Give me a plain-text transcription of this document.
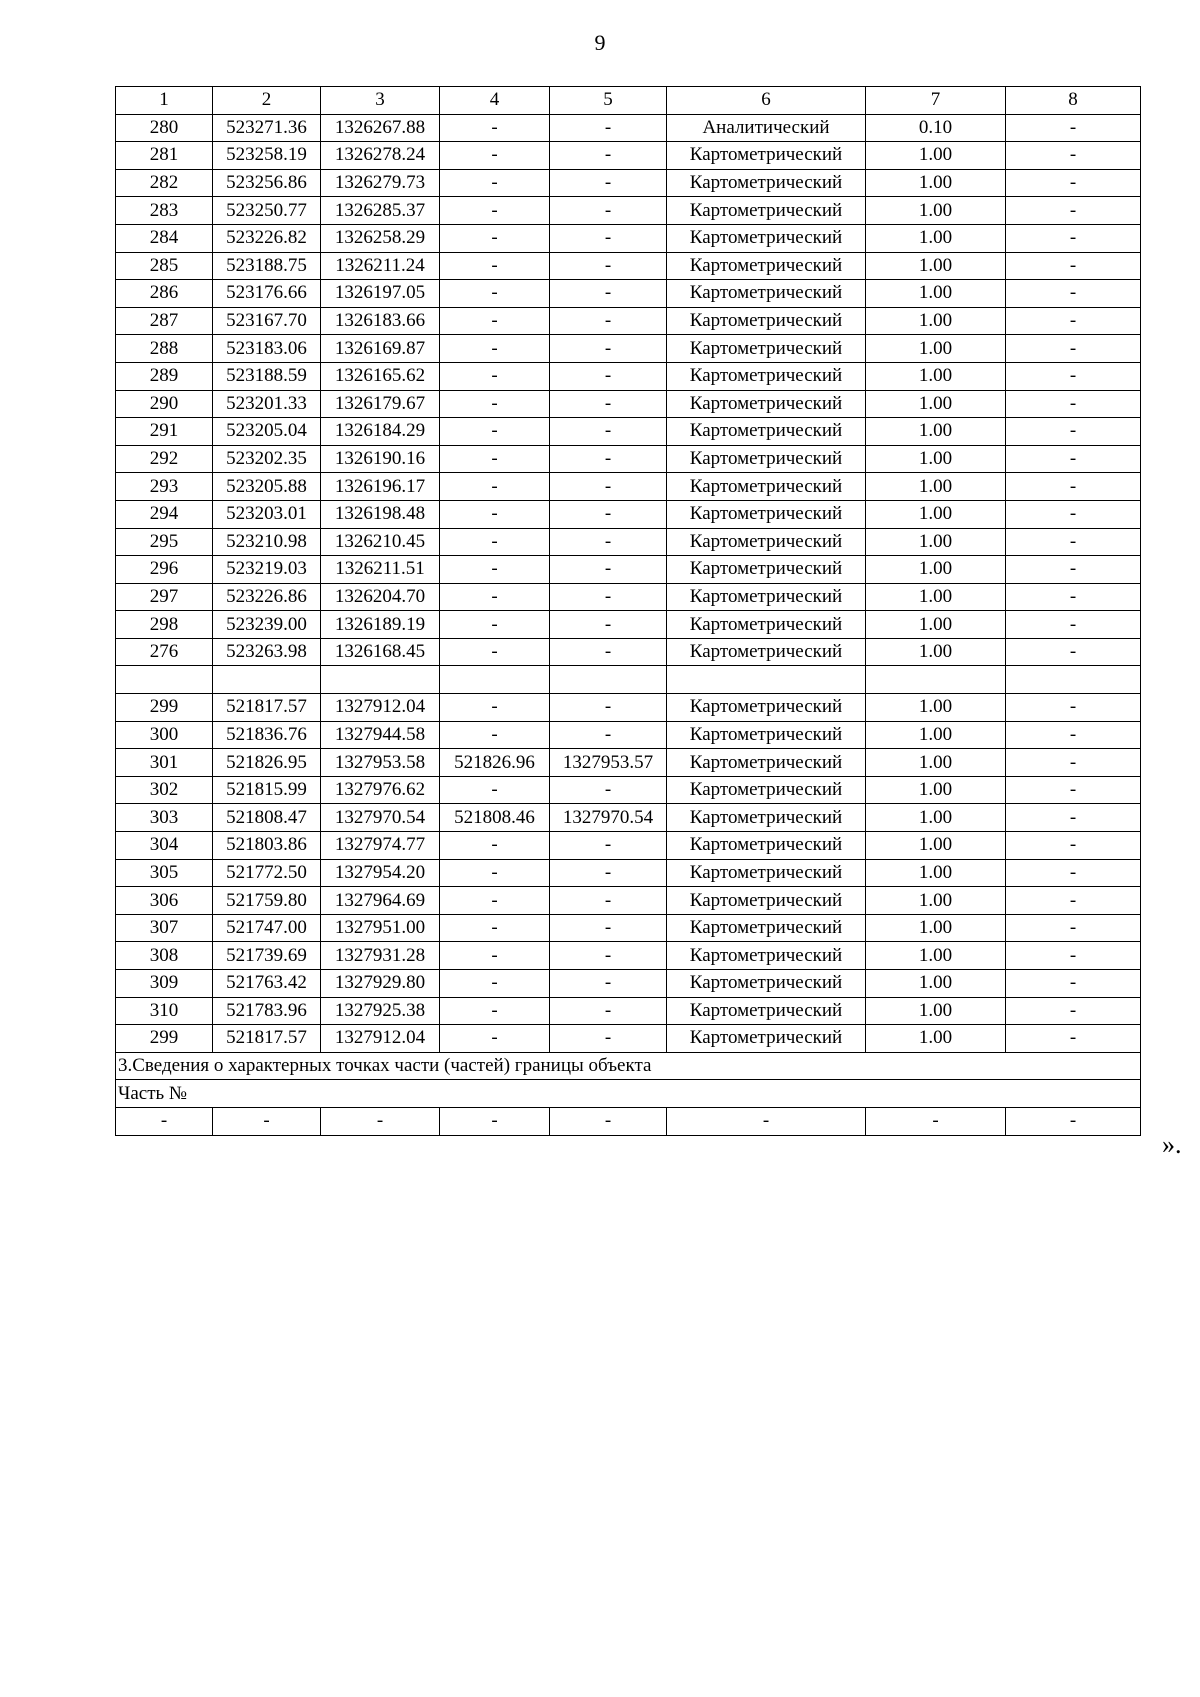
9
1	2	3	4	5	6	7	8
280	523271.36	1326267.88	-	-	Аналитический	0.10	-
281	523258.19	1326278.24	-	-	Картометрический	1.00	-
282	523256.86	1326279.73	-	-	Картометрический	1.00	-
283	523250.77	1326285.37	-	-	Картометрический	1.00	-
284	523226.82	1326258.29	-	-	Картометрический	1.00	-
285	523188.75	1326211.24	-	-	Картометрический	1.00	-
286	523176.66	1326197.05	-	-	Картометрический	1.00	-
287	523167.70	1326183.66	-	-	Картометрический	1.00	-
288	523183.06	1326169.87	-	-	Картометрический	1.00	-
289	523188.59	1326165.62	-	-	Картометрический	1.00	-
290	523201.33	1326179.67	-	-	Картометрический	1.00	-
291	523205.04	1326184.29	-	-	Картометрический	1.00	-
292	523202.35	1326190.16	-	-	Картометрический	1.00	-
293	523205.88	1326196.17	-	-	Картометрический	1.00	-
294	523203.01	1326198.48	-	-	Картометрический	1.00	-
295	523210.98	1326210.45	-	-	Картометрический	1.00	-
296	523219.03	1326211.51	-	-	Картометрический	1.00	-
297	523226.86	1326204.70	-	-	Картометрический	1.00	-
298	523239.00	1326189.19	-	-	Картометрический	1.00	-
276	523263.98	1326168.45	-	-	Картометрический	1.00	-

299	521817.57	1327912.04	-	-	Картометрический	1.00	-
300	521836.76	1327944.58	-	-	Картометрический	1.00	-
301	521826.95	1327953.58	521826.96	1327953.57	Картометрический	1.00	-
302	521815.99	1327976.62	-	-	Картометрический	1.00	-
303	521808.47	1327970.54	521808.46	1327970.54	Картометрический	1.00	-
304	521803.86	1327974.77	-	-	Картометрический	1.00	-
305	521772.50	1327954.20	-	-	Картометрический	1.00	-
306	521759.80	1327964.69	-	-	Картометрический	1.00	-
307	521747.00	1327951.00	-	-	Картометрический	1.00	-
308	521739.69	1327931.28	-	-	Картометрический	1.00	-
309	521763.42	1327929.80	-	-	Картометрический	1.00	-
310	521783.96	1327925.38	-	-	Картометрический	1.00	-
299	521817.57	1327912.04	-	-	Картометрический	1.00	-
3.Сведения о характерных точках части (частей) границы объекта							
Часть №							
-	-	-	-	-	-	-	-
».
